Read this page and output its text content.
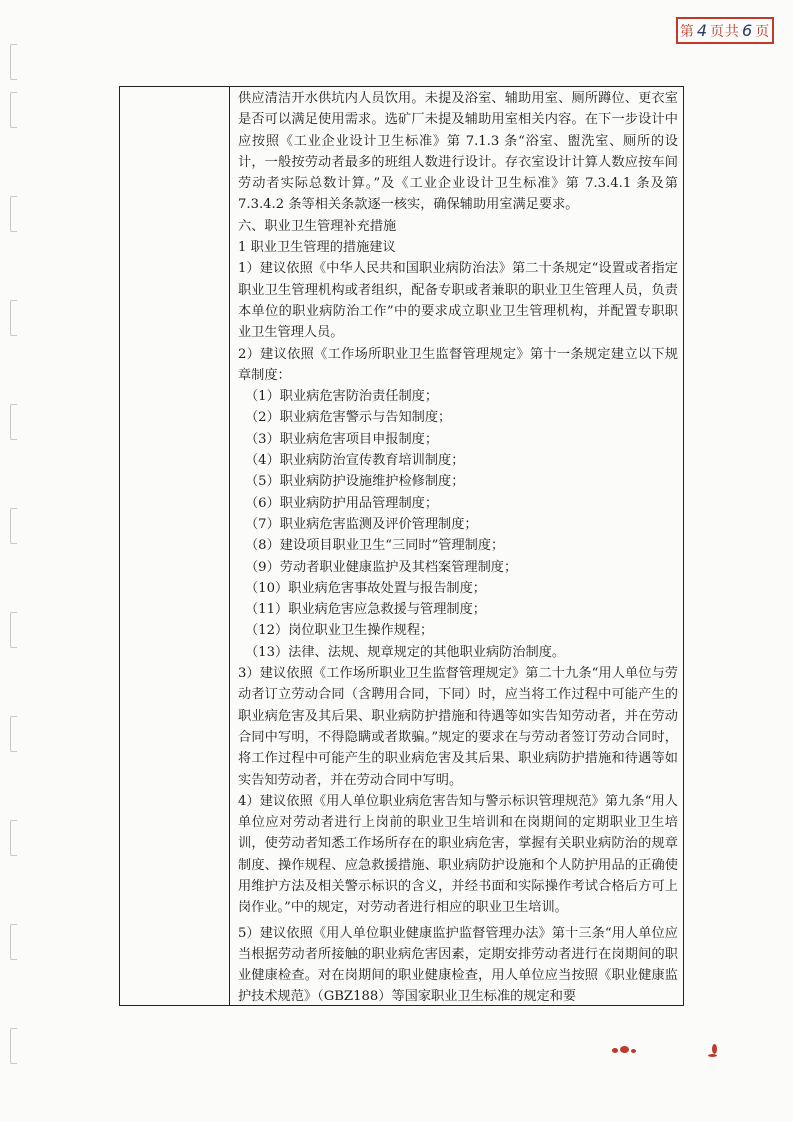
第 4 页共 6 页

供应清洁开水供坑内人员饮用。未提及浴室、辅助用室、厕所蹲位、更衣室是否可以满足使用需求。选矿厂未提及辅助用室相关内容。在下一步设计中应按照《工业企业设计卫生标准》第 7.1.3 条“浴室、盥洗室、厕所的设计，一般按劳动者最多的班组人数进行设计。存衣室设计计算人数应按车间劳动者实际总数计算。”及《工业企业设计卫生标准》第 7.3.4.1 条及第 7.3.4.2 条等相关条款逐一核实，确保辅助用室满足要求。

六、职业卫生管理补充措施

1 职业卫生管理的措施建议

1）建议依照《中华人民共和国职业病防治法》第二十条规定“设置或者指定职业卫生管理机构或者组织，配备专职或者兼职的职业卫生管理人员，负责本单位的职业病防治工作”中的要求成立职业卫生管理机构，并配置专职职业卫生管理人员。

2）建议依照《工作场所职业卫生监督管理规定》第十一条规定建立以下规章制度：

（1）职业病危害防治责任制度；

（2）职业病危害警示与告知制度；

（3）职业病危害项目申报制度；

（4）职业病防治宣传教育培训制度；

（5）职业病防护设施维护检修制度；

（6）职业病防护用品管理制度；

（7）职业病危害监测及评价管理制度；

（8）建设项目职业卫生“三同时”管理制度；

（9）劳动者职业健康监护及其档案管理制度；

（10）职业病危害事故处置与报告制度；

（11）职业病危害应急救援与管理制度；

（12）岗位职业卫生操作规程；

（13）法律、法规、规章规定的其他职业病防治制度。

3）建议依照《工作场所职业卫生监督管理规定》第二十九条“用人单位与劳动者订立劳动合同（含聘用合同，下同）时，应当将工作过程中可能产生的职业病危害及其后果、职业病防护措施和待遇等如实告知劳动者，并在劳动合同中写明，不得隐瞒或者欺骗。”规定的要求在与劳动者签订劳动合同时，将工作过程中可能产生的职业病危害及其后果、职业病防护措施和待遇等如实告知劳动者，并在劳动合同中写明。

4）建议依照《用人单位职业病危害告知与警示标识管理规范》第九条“用人单位应对劳动者进行上岗前的职业卫生培训和在岗期间的定期职业卫生培训，使劳动者知悉工作场所存在的职业病危害，掌握有关职业病防治的规章制度、操作规程、应急救援措施、职业病防护设施和个人防护用品的正确使用维护方法及相关警示标识的含义，并经书面和实际操作考试合格后方可上岗作业。”中的规定，对劳动者进行相应的职业卫生培训。

5）建议依照《用人单位职业健康监护监督管理办法》第十三条“用人单位应当根据劳动者所接触的职业病危害因素，定期安排劳动者进行在岗期间的职业健康检查。对在岗期间的职业健康检查，用人单位应当按照《职业健康监护技术规范》（GBZ188）等国家职业卫生标准的规定和要
